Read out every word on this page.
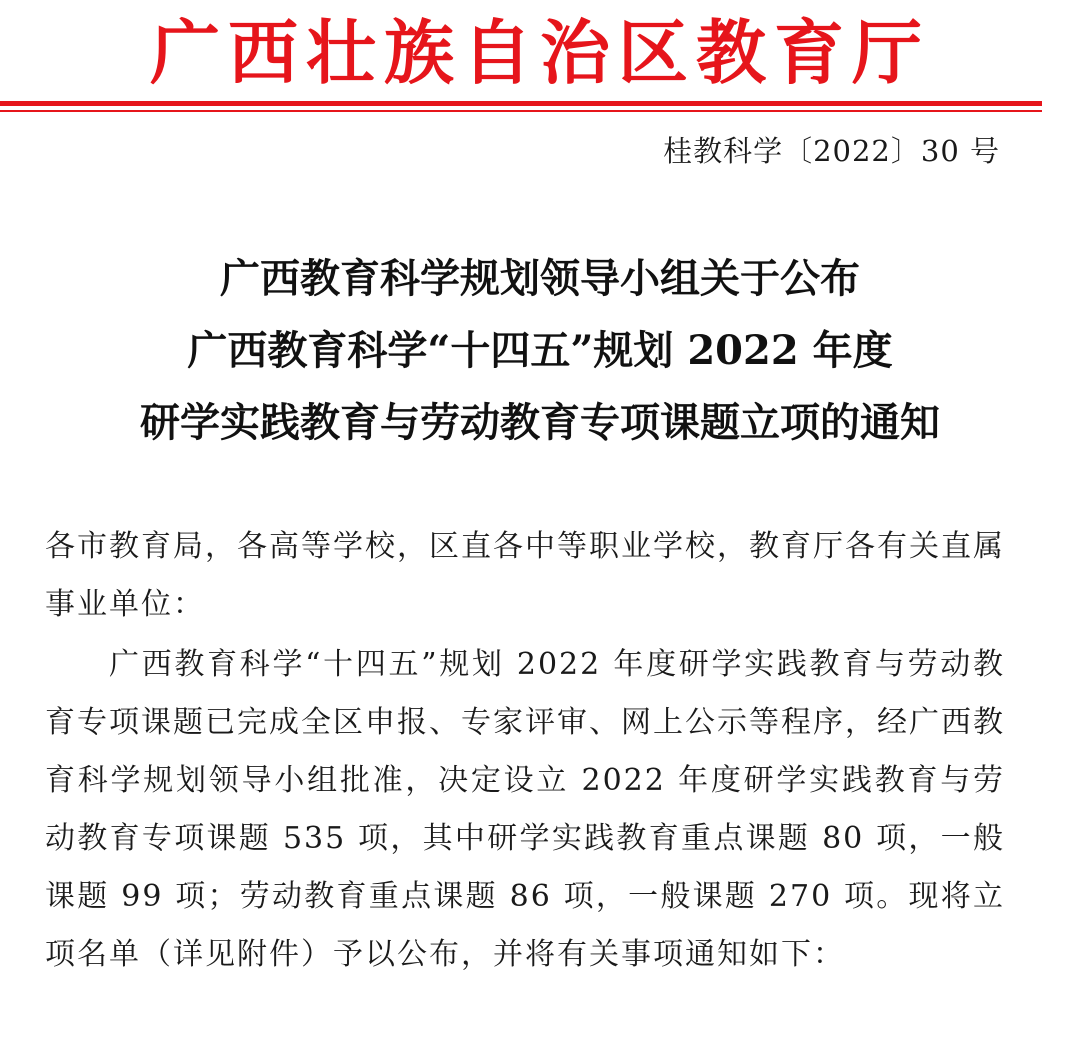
广西壮族自治区教育厅
桂教科学〔2022〕30 号
广西教育科学规划领导小组关于公布
广西教育科学“十四五”规划 2022 年度
研学实践教育与劳动教育专项课题立项的通知
各市教育局，各高等学校，区直各中等职业学校，教育厅各有关直属事业单位：
广西教育科学“十四五”规划 2022 年度研学实践教育与劳动教育专项课题已完成全区申报、专家评审、网上公示等程序，经广西教育科学规划领导小组批准，决定设立 2022 年度研学实践教育与劳动教育专项课题 535 项，其中研学实践教育重点课题 80 项，一般课题 99 项；劳动教育重点课题 86 项，一般课题 270 项。现将立项名单（详见附件）予以公布，并将有关事项通知如下：
